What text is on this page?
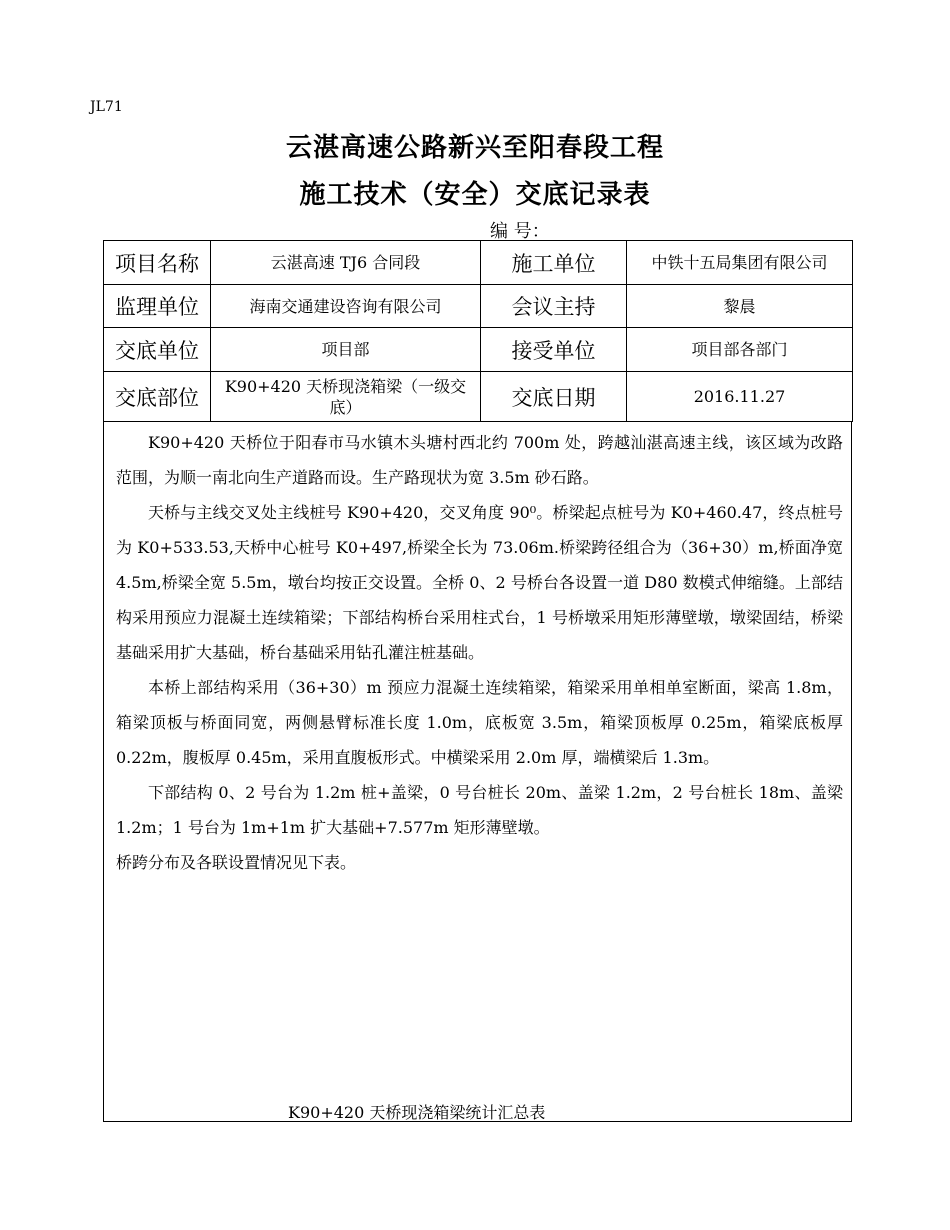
JL71
云湛高速公路新兴至阳春段工程
施工技术（安全）交底记录表
编 号：
项目名称	云湛高速 TJ6 合同段	施工单位	中铁十五局集团有限公司
监理单位	海南交通建设咨询有限公司	会议主持	黎晨
交底单位	项目部	接受单位	项目部各部门
交底部位	K90+420 天桥现浇箱梁（一级交底）	交底日期	2016.11.27

K90+420 天桥位于阳春市马水镇木头塘村西北约 700m 处，跨越汕湛高速主线，该区域为改路范围，为顺一南北向生产道路而设。生产路现状为宽 3.5m 砂石路。

天桥与主线交叉处主线桩号 K90+420，交叉角度 90⁰。桥梁起点桩号为 K0+460.47，终点桩号为 K0+533.53,天桥中心桩号 K0+497,桥梁全长为 73.06m.桥梁跨径组合为（36+30）m,桥面净宽 4.5m,桥梁全宽 5.5m，墩台均按正交设置。全桥 0、2 号桥台各设置一道 D80 数模式伸缩缝。上部结构采用预应力混凝土连续箱梁；下部结构桥台采用柱式台，1 号桥墩采用矩形薄壁墩，墩梁固结，桥梁基础采用扩大基础，桥台基础采用钻孔灌注桩基础。

本桥上部结构采用（36+30）m 预应力混凝土连续箱梁，箱梁采用单相单室断面，梁高 1.8m，箱梁顶板与桥面同宽，两侧悬臂标准长度 1.0m，底板宽 3.5m，箱梁顶板厚 0.25m，箱梁底板厚 0.22m，腹板厚 0.45m，采用直腹板形式。中横梁采用 2.0m 厚，端横梁后 1.3m。

下部结构 0、2 号台为 1.2m 桩+盖梁，0 号台桩长 20m、盖梁 1.2m，2 号台桩长 18m、盖梁 1.2m；1 号台为 1m+1m 扩大基础+7.577m 矩形薄壁墩。

桥跨分布及各联设置情况见下表。

K90+420 天桥现浇箱梁统计汇总表
